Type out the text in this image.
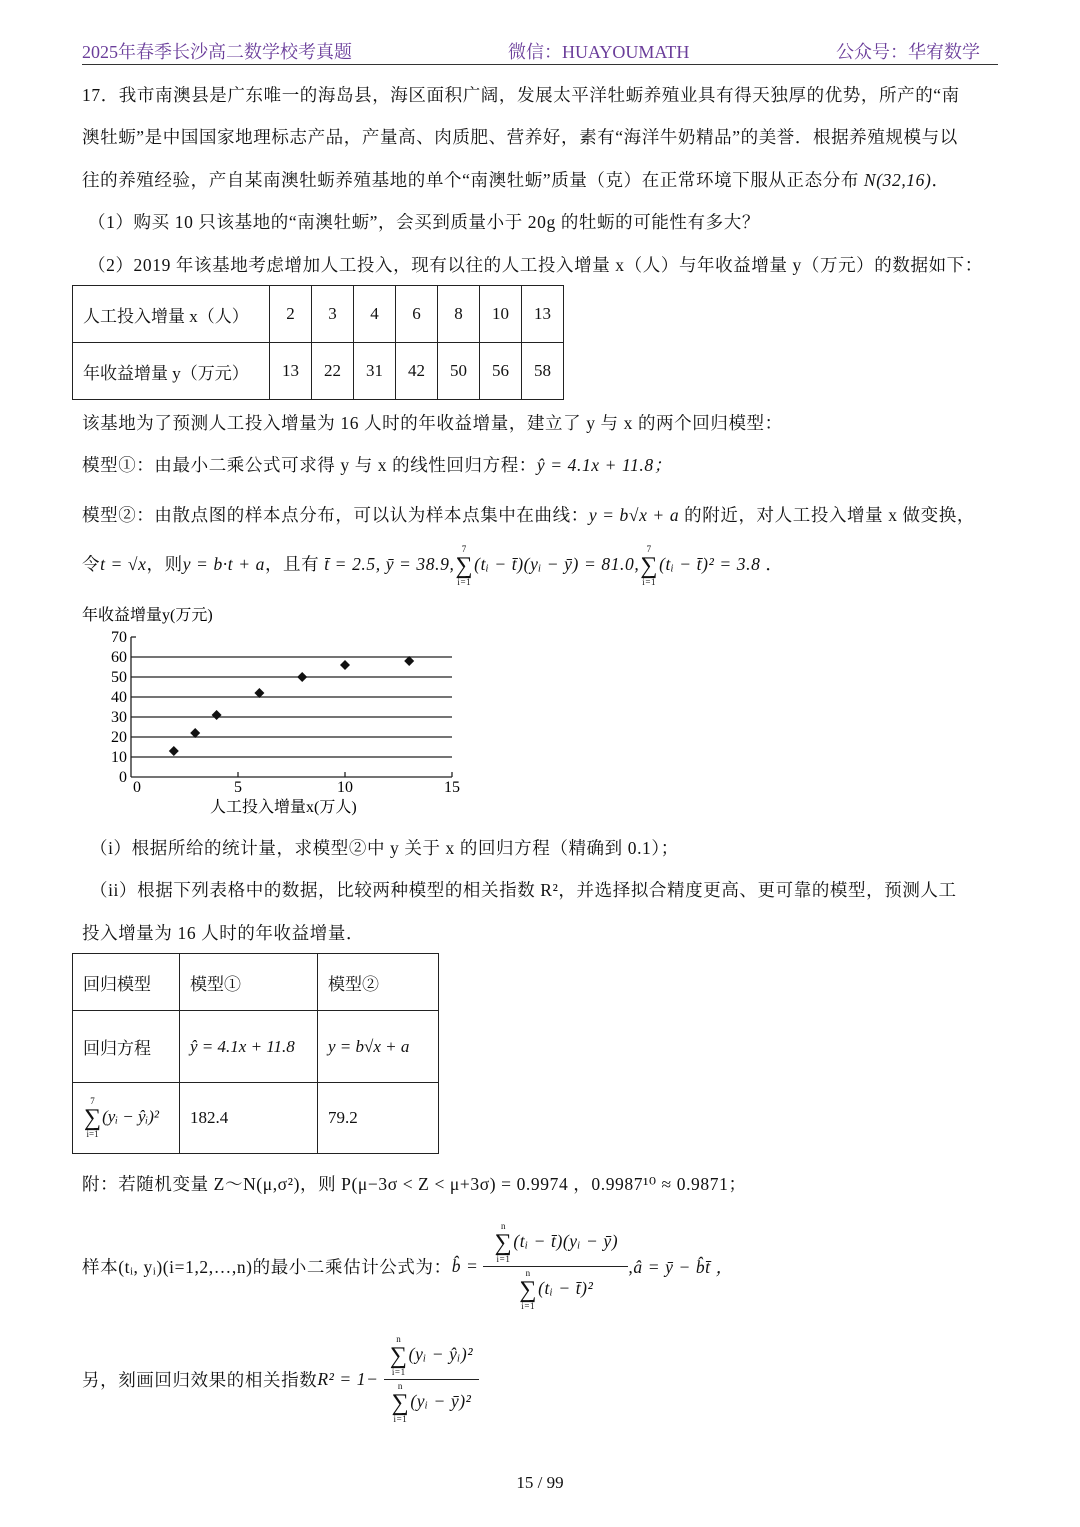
2025年春季长沙高二数学校考真题	微信：HUAYOUMATH	公众号：华宥数学
17．我市南澳县是广东唯一的海岛县，海区面积广阔，发展太平洋牡蛎养殖业具有得天独厚的优势，所产的“南
澳牡蛎”是中国国家地理标志产品，产量高、肉质肥、营养好，素有“海洋牛奶精品”的美誉．根据养殖规模与以
往的养殖经验，产自某南澳牡蛎养殖基地的单个“南澳牡蛎”质量（克）在正常环境下服从正态分布 N(32,16)．
（1）购买 10 只该基地的“南澳牡蛎”，会买到质量小于 20g 的牡蛎的可能性有多大？
（2）2019 年该基地考虑增加人工投入，现有以往的人工投入增量 x（人）与年收益增量 y（万元）的数据如下：
人工投入增量 x（人）	2	3	4	6	8	10	13
年收益增量 y（万元）	13	22	31	42	50	56	58
该基地为了预测人工投入增量为 16 人时的年收益增量，建立了 y 与 x 的两个回归模型：
模型①：由最小二乘公式可求得 y 与 x 的线性回归方程：ŷ = 4.1x + 11.8；
模型②：由散点图的样本点分布，可以认为样本点集中在曲线：y = b√x + a 的附近，对人工投入增量 x 做变换，
令t = √x，则y = b·t + a，且有 t̄ = 2.5, ȳ = 38.9,
7
∑
i=1
(tᵢ − t̄)(yᵢ − ȳ) = 81.0,
7
∑
i=1
(tᵢ − t̄)² = 3.8 ．
年收益增量y(万元)
人工投入增量x(万人)
0
10
20
30
40
50
60
70
0	5	10	15
（i）根据所给的统计量，求模型②中 y 关于 x 的回归方程（精确到 0.1）；
（ii）根据下列表格中的数据，比较两种模型的相关指数 R²，并选择拟合精度更高、更可靠的模型，预测人工
投入增量为 16 人时的年收益增量．
回归模型	模型①	模型②
回归方程	ŷ = 4.1x + 11.8	y = b√x + a

7
∑
i=1
(yᵢ − ŷᵢ)²	182.4	79.2
附：若随机变量 Z～N(μ,σ²)，则 P(μ−3σ < Z < μ+3σ) = 0.9974 ，0.9987¹⁰ ≈ 0.9871；
样本(tᵢ, yᵢ)(i=1,2,…,n)的最小二乘估计公式为：b̂ = n
∑
i=1
(tᵢ − t̄)(yᵢ − ȳ)
n
∑
i=1
(tᵢ − t̄)² ,â = ȳ − b̂t̄ ，
另，刻画回归效果的相关指数R² = 1− n
∑
i=1
(yᵢ − ŷᵢ)²
n
∑
i=1
(yᵢ − ȳ)²
15 / 99
